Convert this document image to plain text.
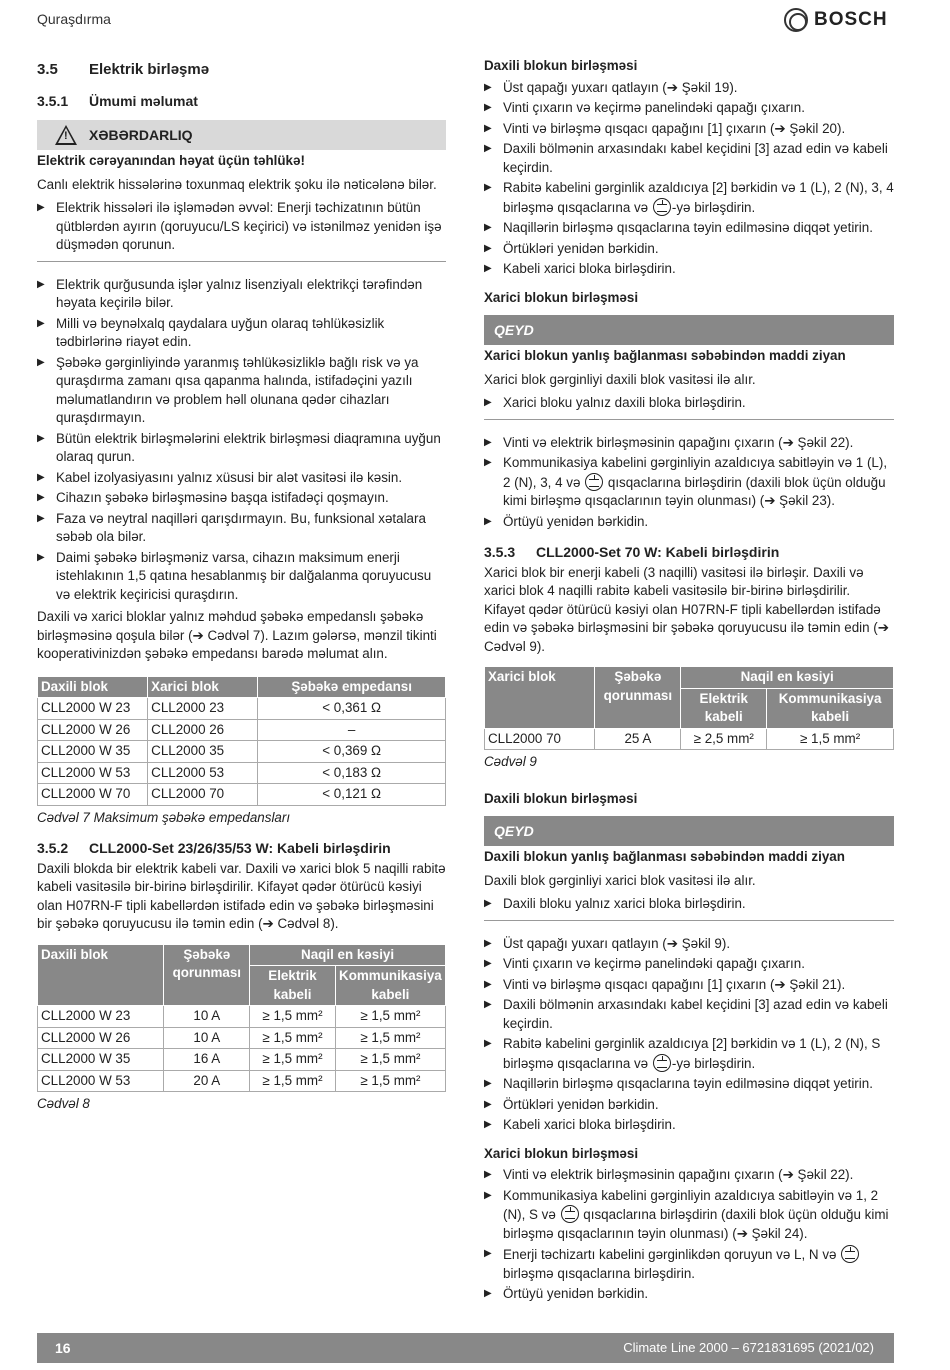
Quraşdırma	BOSCH
3.5 Elektrik birləşmə
3.5.1 Ümumi məlumat
!
XƏBƏRDARLIQ

Elektrik cərəyanından həyat üçün təhlükə!

Canlı elektrik hissələrinə toxunmaq elektrik şoku ilə nəticələnə bilər.

▶ Elektrik hissələri ilə işləmədən əvvəl: Enerji təchizatının bütün qütblərdən ayırın (qoruyucu/LS keçirici) və istənilməz yenidən işə düşmədən qorunun.
▶ Elektrik qurğusunda işlər yalnız lisenziyalı elektrikçi tərəfindən həyata keçirilə bilər.
▶ Milli və beynəlxalq qaydalara uyğun olaraq təhlükəsizlik tədbirlərinə riayət edin.
▶ Şəbəkə gərginliyində yaranmış təhlükəsizliklə bağlı risk və ya quraşdırma zamanı qısa qapanma halında, istifadəçini yazılı məlumatlandırın və problem həll olunana qədər cihazları quraşdırmayın.
▶ Bütün elektrik birləşmələrini elektrik birləşməsi diaqramına uyğun olaraq qurun.
▶ Kabel izolyasiyasını yalnız xüsusi bir alət vasitəsi ilə kəsin.
▶ Cihazın şəbəkə birləşməsinə başqa istifadəçi qoşmayın.
▶ Faza və neytral naqilləri qarışdırmayın. Bu, funksional xətalara səbəb ola bilər.
▶ Daimi şəbəkə birləşməniz varsa, cihazın maksimum enerji istehlakının 1,5 qatına hesablanmış bir dalğalanma qoruyucusu və elektrik keçiricisi quraşdırın.

Daxili və xarici bloklar yalnız məhdud şəbəkə empedanslı şəbəkə birləşməsinə qoşula bilər (➔ Cədvəl 7). Lazım gələrsə, mənzil tikinti kooperativinizdən şəbəkə empedansı barədə məlumat alın.

Daxili blok	Xarici blok	Şəbəkə empedansı
CLL2000 W 23	CLL2000 23	< 0,361 Ω
CLL2000 W 26	CLL2000 26	–
CLL2000 W 35	CLL2000 35	< 0,369 Ω
CLL2000 W 53	CLL2000 53	< 0,183 Ω
CLL2000 W 70	CLL2000 70	< 0,121 Ω

Cədvəl 7 Maksimum şəbəkə empedansları

3.5.2 CLL2000-Set 23/26/35/53 W: Kabeli birləşdirin

Daxili blokda bir elektrik kabeli var. Daxili və xarici blok 5 naqilli rabitə kabeli vasitəsilə bir-birinə birləşdirilir. Kifayət qədər ötürücü kəsiyi olan H07RN-F tipli kabellərdən istifadə edin və şəbəkə birləşməsini bir şəbəkə qoruyucusu ilə təmin edin (➔ Cədvəl 8).

Daxili blok	Şəbəkə qorunması	Naqil en kəsiyi	
		Elektrik kabeli	Kommunikasiya kabeli
CLL2000 W 23	10 A	≥ 1,5 mm²	≥ 1,5 mm²
CLL2000 W 26	10 A	≥ 1,5 mm²	≥ 1,5 mm²
CLL2000 W 35	16 A	≥ 1,5 mm²	≥ 1,5 mm²
CLL2000 W 53	20 A	≥ 1,5 mm²	≥ 1,5 mm²

Cədvəl 8

Daxili blokun birləşməsi

▶ Üst qapağı yuxarı qatlayın (➔ Şəkil 19).
▶ Vinti çıxarın və keçirmə panelindəki qapağı çıxarın.
▶ Vinti və birləşmə qısqacı qapağını [1] çıxarın (➔ Şəkil 20).
▶ Daxili bölmənin arxasındakı kabel keçidini [3] azad edin və kabeli keçirdin.
▶ Rabitə kabelini gərginlik azaldıcıya [2] bərkidin və 1 (L), 2 (N), 3, 4 birləşmə qısqaclarına və -yə birləşdirin.
▶ Naqillərin birləşmə qısqaclarına təyin edilməsinə diqqət yetirin.
▶ Örtükləri yenidən bərkidin.
▶ Kabeli xarici bloka birləşdirin.

Xarici blokun birləşməsi

QEYD

Xarici blokun yanlış bağlanması səbəbindən maddi ziyan

Xarici blok gərginliyi daxili blok vasitəsi ilə alır.

▶ Xarici bloku yalnız daxili bloka birləşdirin.
▶ Vinti və elektrik birləşməsinin qapağını çıxarın (➔ Şəkil 22).
▶ Kommunikasiya kabelini gərginliyin azaldıcıya sabitləyin və 1 (L), 2 (N), 3, 4 və qısqaclarına birləşdirin (daxili blok üçün olduğu kimi birləşmə qısqaclarının təyin olunması) (➔ Şəkil 23).
▶ Örtüyü yenidən bərkidin.
3.5.3 CLL2000-Set 70 W: Kabeli birləşdirin

Xarici blok bir enerji kabeli (3 naqilli) vasitəsi ilə birləşir. Daxili və xarici blok 4 naqilli rabitə kabeli vasitəsilə bir-birinə birləşdirilir. Kifayət qədər ötürücü kəsiyi olan H07RN-F tipli kabellərdən istifadə edin və şəbəkə birləşməsini bir şəbəkə qoruyucusu ilə təmin edin (➔ Cədvəl 9).

Xarici blok	Şəbəkə qorunması	Naqil en kəsiyi	
		Elektrik kabeli	Kommunikasiya kabeli
CLL2000 70	25 A	≥ 2,5 mm²	≥ 1,5 mm²

Cədvəl 9

Daxili blokun birləşməsi

QEYD

Daxili blokun yanlış bağlanması səbəbindən maddi ziyan

Daxili blok gərginliyi xarici blok vasitəsi ilə alır.

▶ Daxili bloku yalnız xarici bloka birləşdirin.
▶ Üst qapağı yuxarı qatlayın (➔ Şəkil 9).
▶ Vinti çıxarın və keçirmə panelindəki qapağı çıxarın.
▶ Vinti və birləşmə qısqacı qapağını [1] çıxarın (➔ Şəkil 21).
▶ Daxili bölmənin arxasındakı kabel keçidini [3] azad edin və kabeli keçirdin.
▶ Rabitə kabelini gərginlik azaldıcıya [2] bərkidin və 1 (L), 2 (N), S birləşmə qısqaclarına və -yə birləşdirin.
▶ Naqillərin birləşmə qısqaclarına təyin edilməsinə diqqət yetirin.
▶ Örtükləri yenidən bərkidin.
▶ Kabeli xarici bloka birləşdirin.

Xarici blokun birləşməsi

▶ Vinti və elektrik birləşməsinin qapağını çıxarın (➔ Şəkil 22).
▶ Kommunikasiya kabelini gərginliyin azaldıcıya sabitləyin və 1, 2 (N), S və qısqaclarına birləşdirin (daxili blok üçün olduğu kimi birləşmə qısqaclarının təyin olunması) (➔ Şəkil 24).
▶ Enerji təchizartı kabelini gərginlikdən qoruyun və L, N və  birləşmə qısqaclarına birləşdirin.
▶ Örtüyü yenidən bərkidin.
16	Climate Line 2000 – 6721831695 (2021/02)
